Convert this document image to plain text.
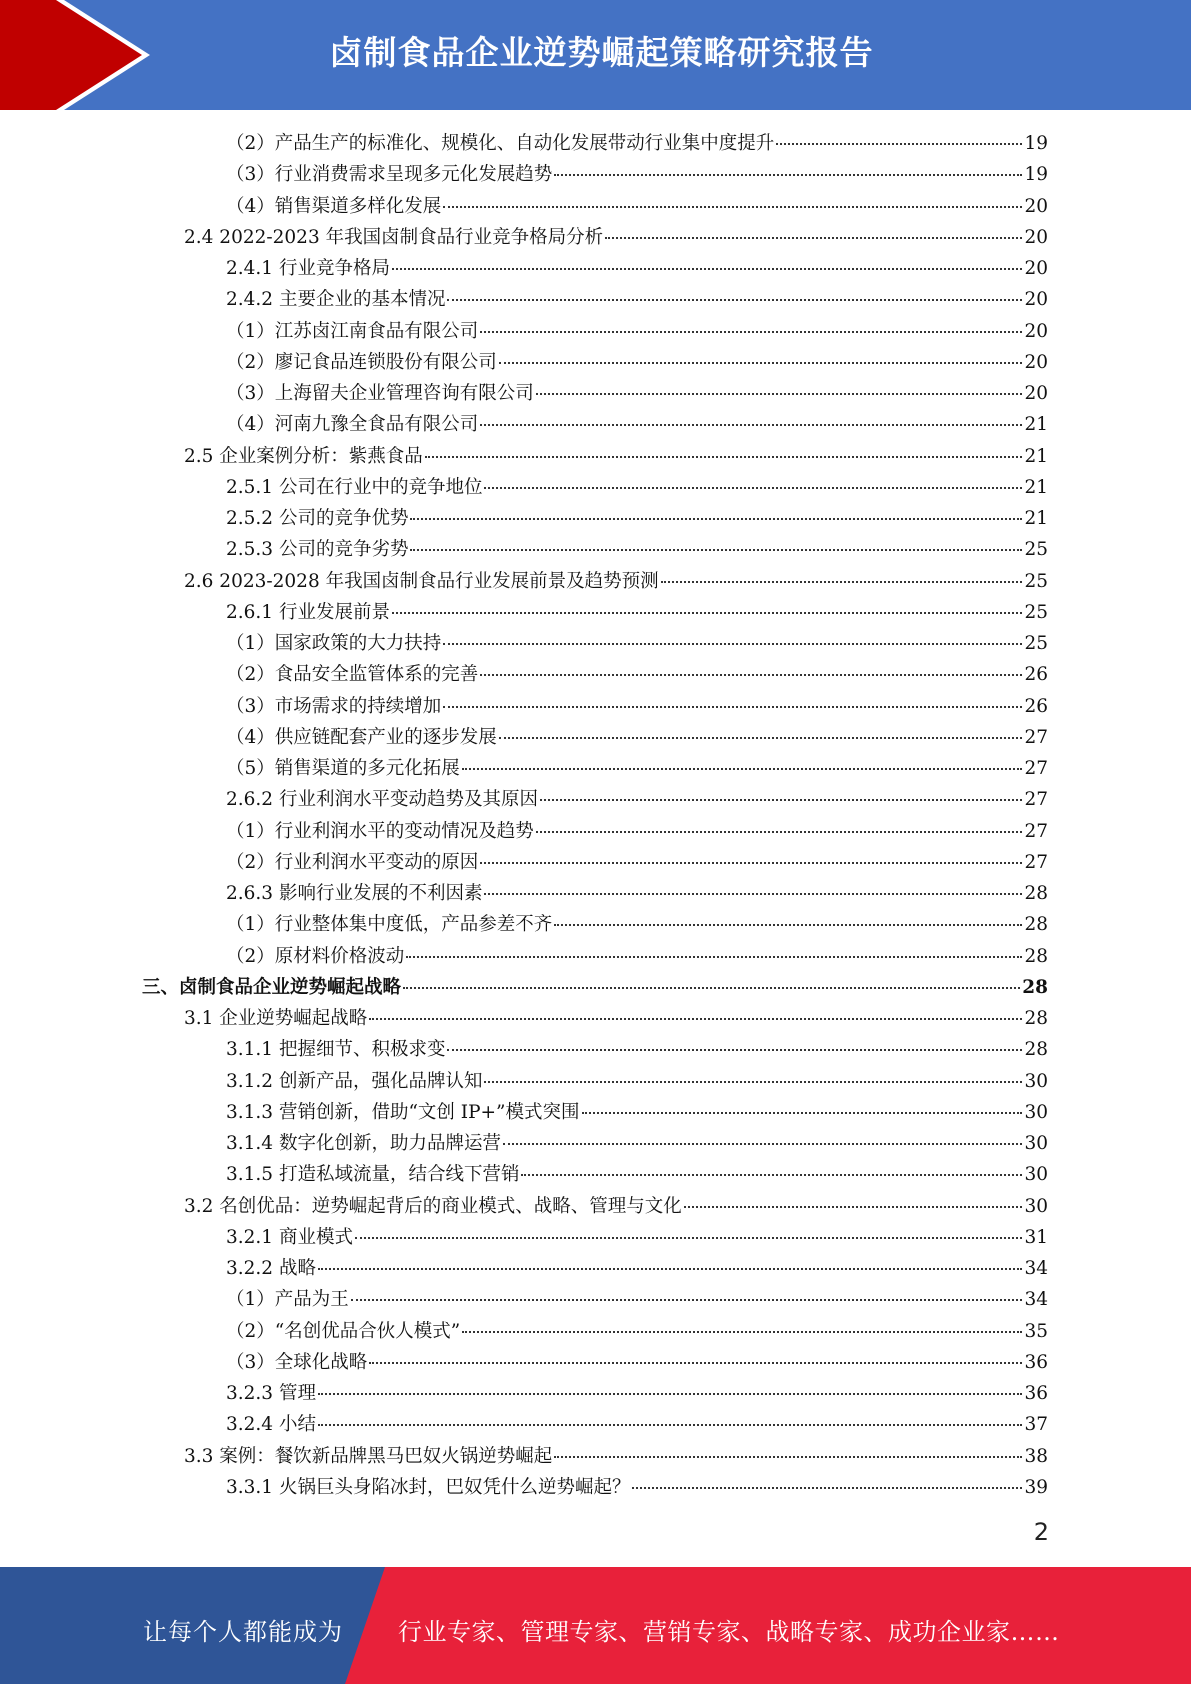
卤制食品企业逆势崛起策略研究报告
（2）产品生产的标准化、规模化、自动化发展带动行业集中度提升	19
（3）行业消费需求呈现多元化发展趋势	19
（4）销售渠道多样化发展	20
2.4 2022-2023 年我国卤制食品行业竞争格局分析	20
2.4.1 行业竞争格局	20
2.4.2 主要企业的基本情况	20
（1）江苏卤江南食品有限公司	20
（2）廖记食品连锁股份有限公司	20
（3）上海留夫企业管理咨询有限公司	20
（4）河南九豫全食品有限公司	21
2.5 企业案例分析：紫燕食品	21
2.5.1 公司在行业中的竞争地位	21
2.5.2 公司的竞争优势	21
2.5.3 公司的竞争劣势	25
2.6 2023-2028 年我国卤制食品行业发展前景及趋势预测	25
2.6.1 行业发展前景	25
（1）国家政策的大力扶持	25
（2）食品安全监管体系的完善	26
（3）市场需求的持续增加	26
（4）供应链配套产业的逐步发展	27
（5）销售渠道的多元化拓展	27
2.6.2 行业利润水平变动趋势及其原因	27
（1）行业利润水平的变动情况及趋势	27
（2）行业利润水平变动的原因	27
2.6.3 影响行业发展的不利因素	28
（1）行业整体集中度低，产品参差不齐	28
（2）原材料价格波动	28
三、卤制食品企业逆势崛起战略	28
3.1 企业逆势崛起战略	28
3.1.1 把握细节、积极求变	28
3.1.2 创新产品，强化品牌认知	30
3.1.3 营销创新，借助“文创 IP+”模式突围	30
3.1.4 数字化创新，助力品牌运营	30
3.1.5 打造私域流量，结合线下营销	30
3.2 名创优品：逆势崛起背后的商业模式、战略、管理与文化	30
3.2.1 商业模式	31
3.2.2 战略	34
（1）产品为王	34
（2）“名创优品合伙人模式”	35
（3）全球化战略	36
3.2.3 管理	36
3.2.4 小结	37
3.3 案例：餐饮新品牌黑马巴奴火锅逆势崛起	38
3.3.1 火锅巨头身陷冰封，巴奴凭什么逆势崛起？	39
2
让每个人都能成为 行业专家、管理专家、营销专家、战略专家、成功企业家……
